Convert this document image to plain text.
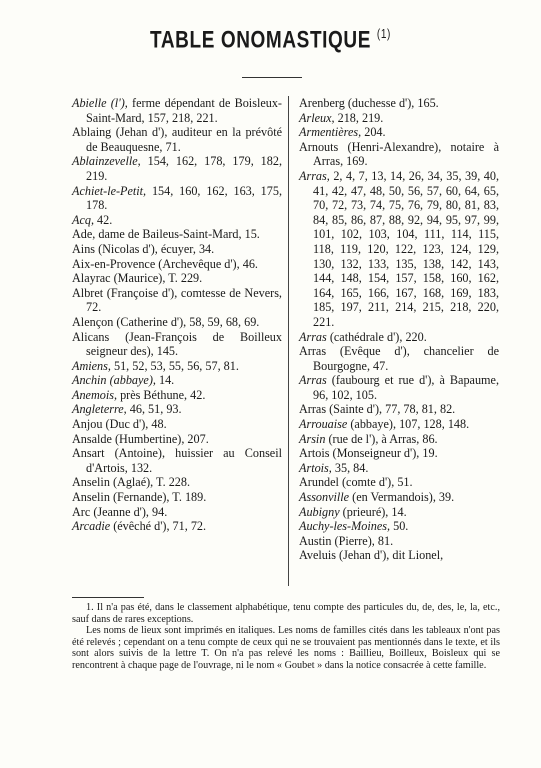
TABLE ONOMASTIQUE $^{(1)}$

Abielle (l'), ferme dépendant de Boisleux-Saint-Mard, 157, 218, 221.

Ablaing (Jehan d'), auditeur en la prévôté de Beauquesne, 71.

Ablainzevelle, 154, 162, 178, 179, 182, 219.

Achiet-le-Petit, 154, 160, 162, 163, 175, 178.

Acq, 42.

Ade, dame de Baileus-Saint-Mard, 15.

Ains (Nicolas d'), écuyer, 34.

Aix-en-Provence (Archevêque d'), 46.

Alayrac (Maurice), T. 229.

Albret (Françoise d'), comtesse de Nevers, 72.

Alençon (Catherine d'), 58, 59, 68, 69.

Alicans (Jean-François de Boilleux seigneur des), 145.

Amiens, 51, 52, 53, 55, 56, 57, 81.

Anchin (abbaye), 14.

Anemois, près Béthune, 42.

Angleterre, 46, 51, 93.

Anjou (Duc d'), 48.

Ansalde (Humbertine), 207.

Ansart (Antoine), huissier au Conseil d'Artois, 132.

Anselin (Aglaé), T. 228.

Anselin (Fernande), T. 189.

Arc (Jeanne d'), 94.

Arcadie (évêché d'), 71, 72.

Arenberg (duchesse d'), 165.

Arleux, 218, 219.

Armentières, 204.

Arnouts (Henri-Alexandre), notaire à Arras, 169.

Arras, 2, 4, 7, 13, 14, 26, 34, 35, 39, 40, 41, 42, 47, 48, 50, 56, 57, 60, 64, 65, 70, 72, 73, 74, 75, 76, 79, 80, 81, 83, 84, 85, 86, 87, 88, 92, 94, 95, 97, 99, 101, 102, 103, 104, 111, 114, 115, 118, 119, 120, 122, 123, 124, 129, 130, 132, 133, 135, 138, 142, 143, 144, 148, 154, 157, 158, 160, 162, 164, 165, 166, 167, 168, 169, 183, 185, 197, 211, 214, 215, 218, 220, 221.

Arras (cathédrale d'), 220.

Arras (Evêque d'), chancelier de Bourgogne, 47.

Arras (faubourg et rue d'), à Bapaume, 96, 102, 105.

Arras (Sainte d'), 77, 78, 81, 82.

Arrouaise (abbaye), 107, 128, 148.

Arsin (rue de l'), à Arras, 86.

Artois (Monseigneur d'), 19.

Artois, 35, 84.

Arundel (comte d'), 51.

Assonville (en Vermandois), 39.

Aubigny (prieuré), 14.

Auchy-les-Moines, 50.

Austin (Pierre), 81.

Aveluis (Jehan d'), dit Lionel,

1. Il n'a pas été, dans le classement alphabétique, tenu compte des particules du, de, des, le, la, etc., sauf dans de rares exceptions.

Les noms de lieux sont imprimés en italiques. Les noms de familles cités dans les tableaux n'ont pas été relevés ; cependant on a tenu compte de ceux qui ne se trouvaient pas mentionnés dans le texte, et ils sont alors suivis de la lettre T. On n'a pas relevé les noms : Baillieu, Boilleux, Boisleux qui se rencontrent à chaque page de l'ouvrage, ni le nom « Goubet » dans la notice consacrée à cette famille.
